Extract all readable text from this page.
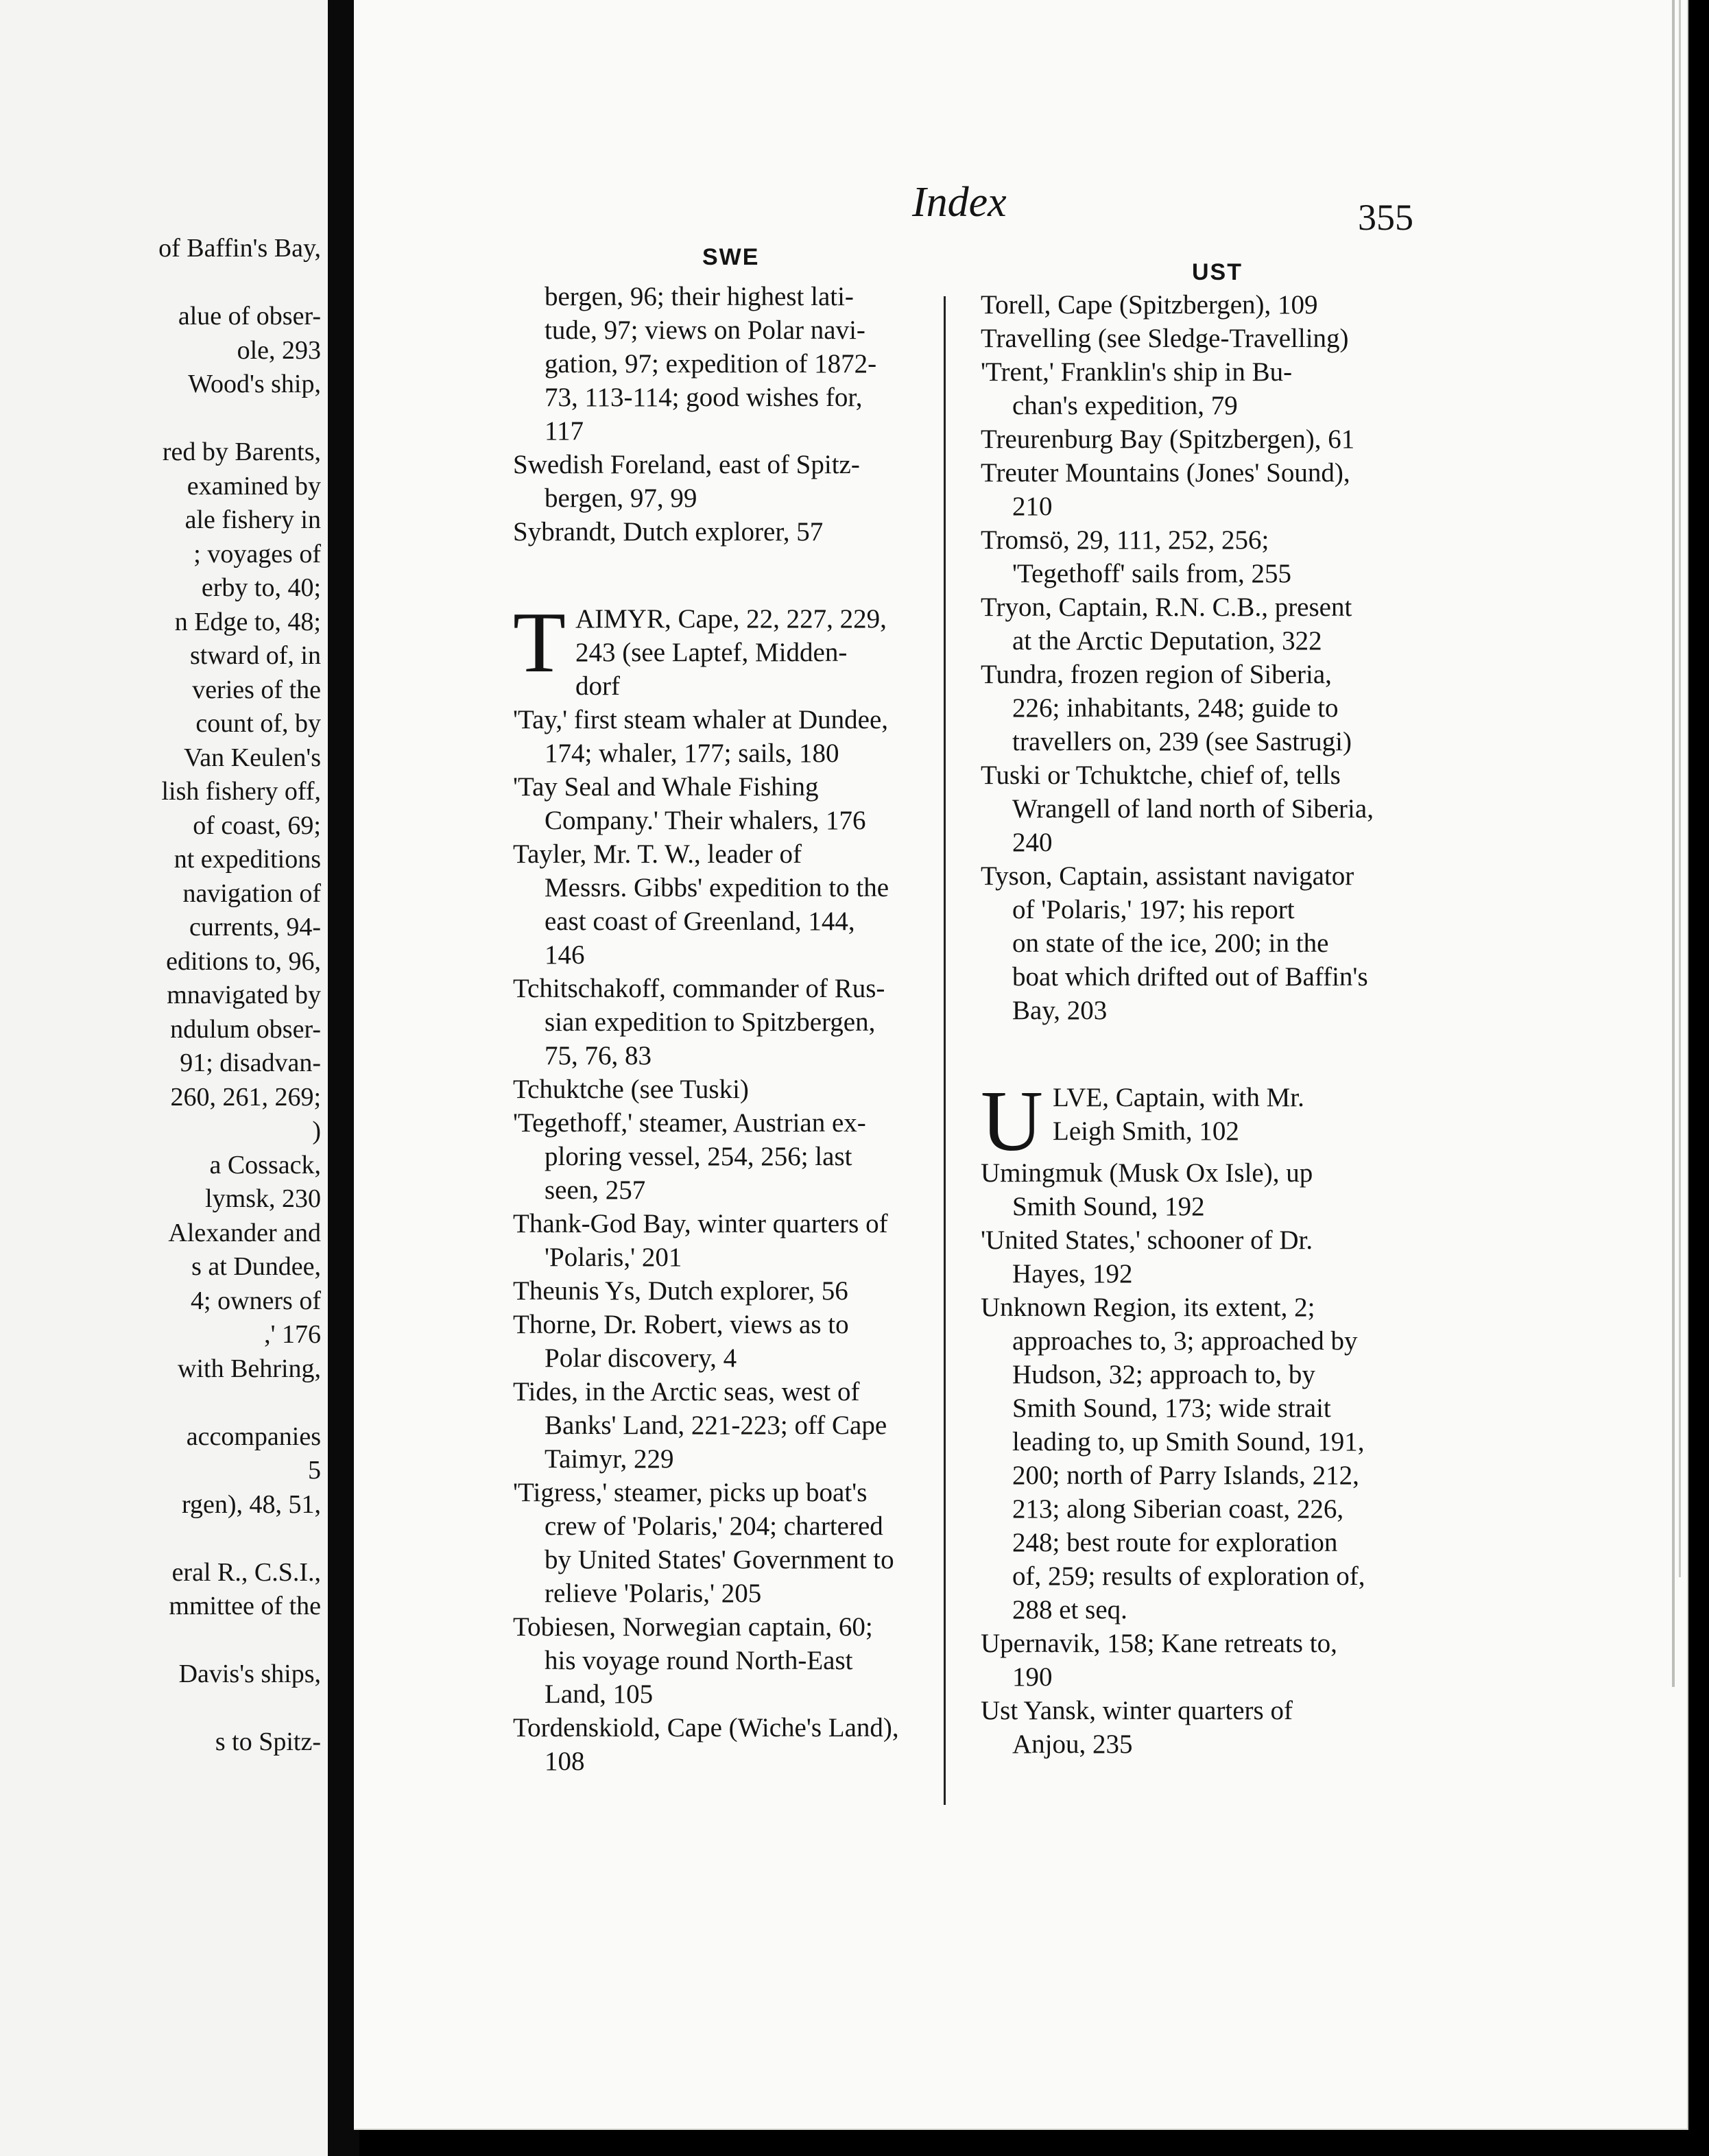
of Baffin's Bay,
alue of obser-
ole, 293
Wood's ship,
red by Barents,
examined by
ale fishery in
; voyages of
erby to, 40;
n Edge to, 48;
stward of, in
veries of the
count of, by
Van Keulen's
lish fishery off,
of coast, 69;
nt expeditions
navigation of
currents, 94-
editions to, 96,
mnavigated by
ndulum obser-
91; disadvan-
260, 261, 269;
)
a Cossack,
lymsk, 230
Alexander and
s at Dundee,
4; owners of
,' 176
with Behring,
accompanies
5
rgen), 48, 51,
eral R., C.S.I.,
mmittee of the
Davis's ships,
s to Spitz-
Index	355
SWE
UST
bergen, 96; their highest lati-
tude, 97; views on Polar navi-
gation, 97; expedition of 1872-
73, 113-114; good wishes for,
117
Swedish Foreland, east of Spitz-
bergen, 97, 99
Sybrandt, Dutch explorer, 57
T AIMYR, Cape, 22, 227, 229,
243 (see Laptef, Midden-
dorf
'Tay,' first steam whaler at Dundee,
174; whaler, 177; sails, 180
'Tay Seal and Whale Fishing
Company.' Their whalers, 176
Tayler, Mr. T. W., leader of
Messrs. Gibbs' expedition to the
east coast of Greenland, 144,
146
Tchitschakoff, commander of Rus-
sian expedition to Spitzbergen,
75, 76, 83
Tchuktche (see Tuski)
'Tegethoff,' steamer, Austrian ex-
ploring vessel, 254, 256; last
seen, 257
Thank-God Bay, winter quarters of
'Polaris,' 201
Theunis Ys, Dutch explorer, 56
Thorne, Dr. Robert, views as to
Polar discovery, 4
Tides, in the Arctic seas, west of
Banks' Land, 221-223; off Cape
Taimyr, 229
'Tigress,' steamer, picks up boat's
crew of 'Polaris,' 204; chartered
by United States' Government to
relieve 'Polaris,' 205
Tobiesen, Norwegian captain, 60;
his voyage round North-East
Land, 105
Tordenskiold, Cape (Wiche's Land),
108
Torell, Cape (Spitzbergen), 109
Travelling (see Sledge-Travelling)
'Trent,' Franklin's ship in Bu-
chan's expedition, 79
Treurenburg Bay (Spitzbergen), 61
Treuter Mountains (Jones' Sound),
210
Tromsö, 29, 111, 252, 256;
'Tegethoff' sails from, 255
Tryon, Captain, R.N. C.B., present
at the Arctic Deputation, 322
Tundra, frozen region of Siberia,
226; inhabitants, 248; guide to
travellers on, 239 (see Sastrugi)
Tuski or Tchuktche, chief of, tells
Wrangell of land north of Siberia,
240
Tyson, Captain, assistant navigator
of 'Polaris,' 197; his report
on state of the ice, 200; in the
boat which drifted out of Baffin's
Bay, 203
U LVE, Captain, with Mr.
Leigh Smith, 102
Umingmuk (Musk Ox Isle), up
Smith Sound, 192
'United States,' schooner of Dr.
Hayes, 192
Unknown Region, its extent, 2;
approaches to, 3; approached by
Hudson, 32; approach to, by
Smith Sound, 173; wide strait
leading to, up Smith Sound, 191,
200; north of Parry Islands, 212,
213; along Siberian coast, 226,
248; best route for exploration
of, 259; results of exploration of,
288 et seq.
Upernavik, 158; Kane retreats to,
190
Ust Yansk, winter quarters of
Anjou, 235
